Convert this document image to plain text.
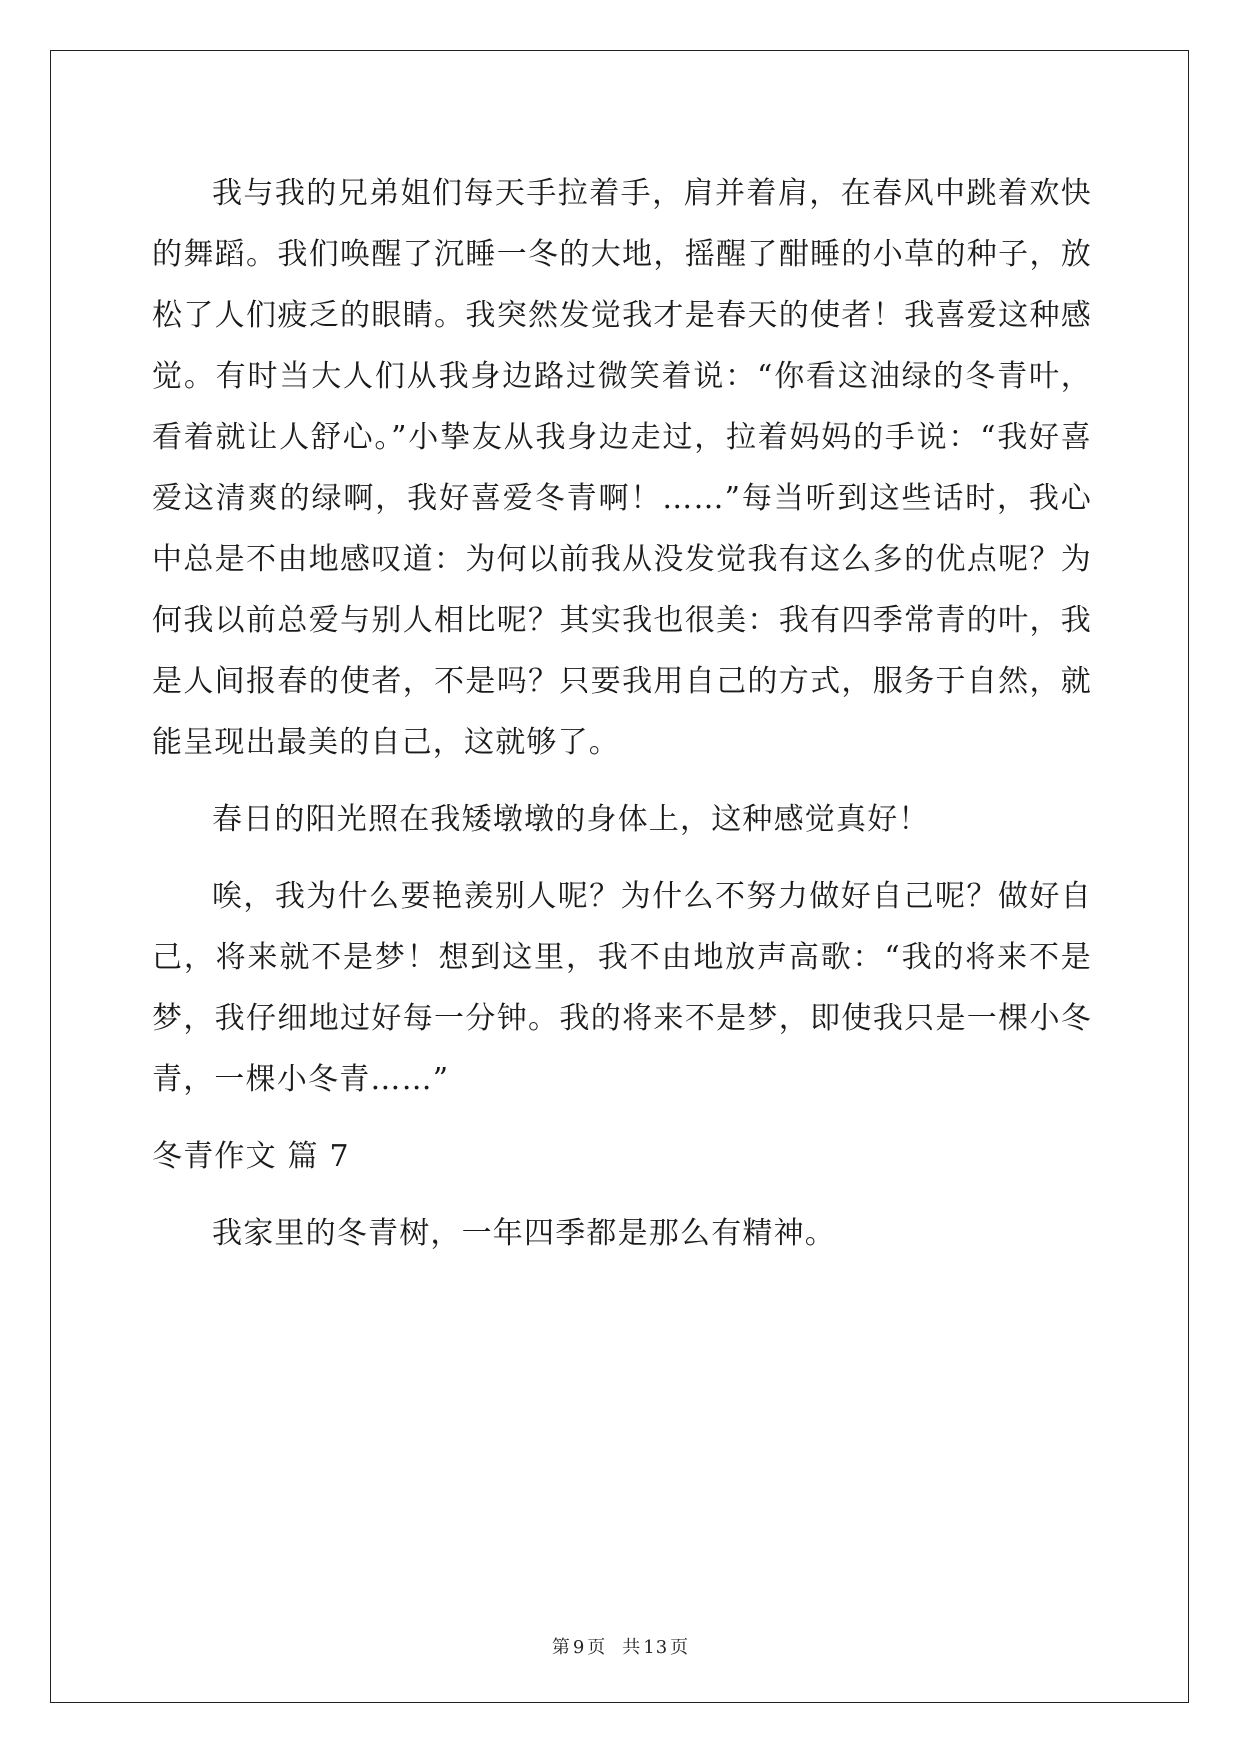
我与我的兄弟姐们每天手拉着手，肩并着肩，在春风中跳着欢快的舞蹈。我们唤醒了沉睡一冬的大地，摇醒了酣睡的小草的种子，放松了人们疲乏的眼睛。我突然发觉我才是春天的使者！我喜爱这种感觉。有时当大人们从我身边路过微笑着说：“你看这油绿的冬青叶，看着就让人舒心。”小挚友从我身边走过，拉着妈妈的手说：“我好喜爱这清爽的绿啊，我好喜爱冬青啊！……”每当听到这些话时，我心中总是不由地感叹道：为何以前我从没发觉我有这么多的优点呢？为何我以前总爱与别人相比呢？其实我也很美：我有四季常青的叶，我是人间报春的使者，不是吗？只要我用自己的方式，服务于自然，就能呈现出最美的自己，这就够了。

春日的阳光照在我矮墩墩的身体上，这种感觉真好！

唉，我为什么要艳羡别人呢？为什么不努力做好自己呢？做好自己，将来就不是梦！想到这里，我不由地放声高歌：“我的将来不是梦，我仔细地过好每一分钟。我的将来不是梦，即使我只是一棵小冬青，一棵小冬青……”

冬青作文 篇 7

我家里的冬青树，一年四季都是那么有精神。

第 9 页 共 13 页
